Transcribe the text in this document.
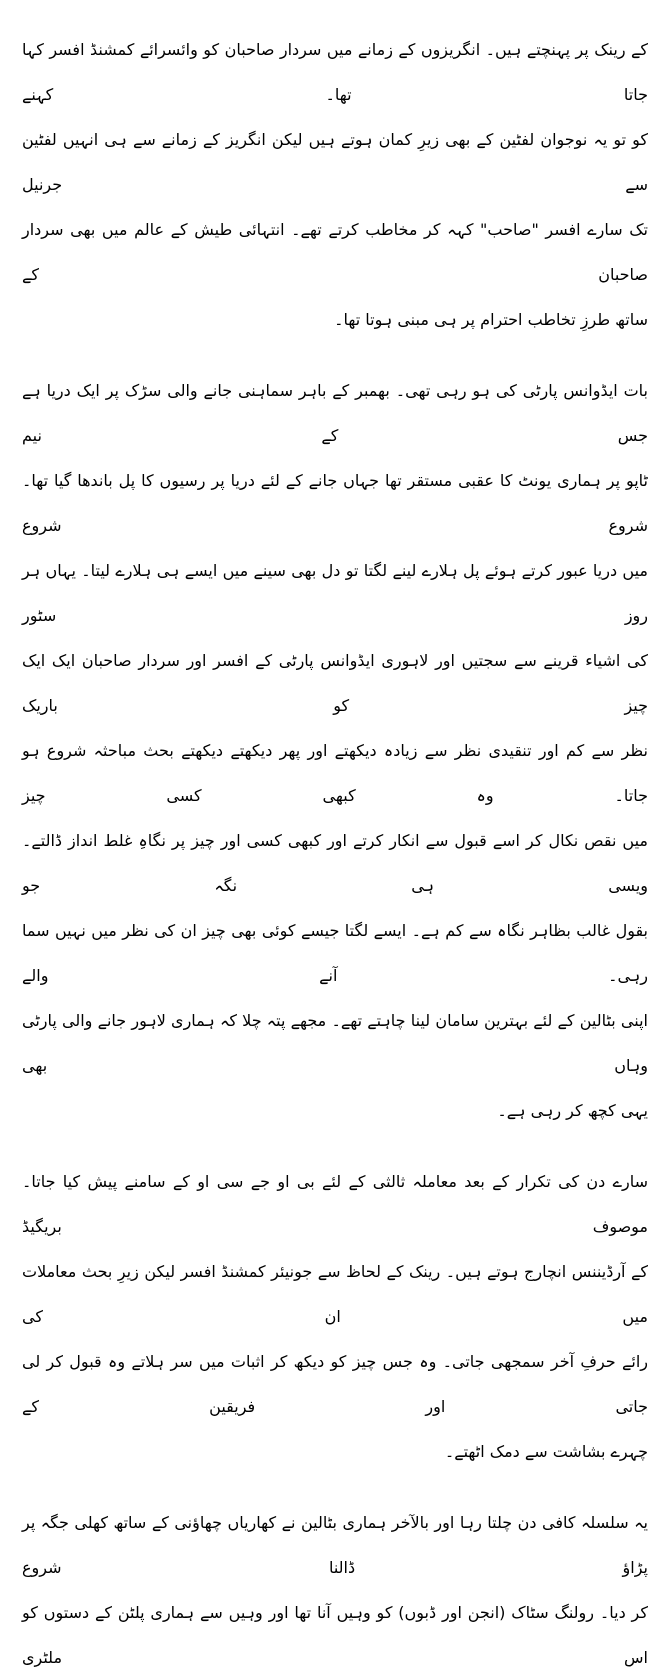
کے رینک پر پہنچتے ہیں۔ انگریزوں کے زمانے میں سردار صاحبان کو وائسرائے کمشنڈ افسر کہا جاتا تھا۔ کہنے
کو تو یہ نوجوان لفٹین کے بھی زیرِ کمان ہوتے ہیں لیکن انگریز کے زمانے سے ہی انہیں لفٹین سے جرنیل
تک سارے افسر "صاحب" کہہ کر مخاطب کرتے تھے۔ انتہائی طیش کے عالم میں بھی سردار صاحبان کے
ساتھ طرزِ تخاطب احترام پر ہی مبنی ہوتا تھا۔
بات ایڈوانس پارٹی کی ہو رہی تھی۔ بھمبر کے باہر سماہنی جانے والی سڑک پر ایک دریا ہے جس کے نیم
ٹاپو پر ہماری یونٹ کا عقبی مستقر تھا جہاں جانے کے لئے دریا پر رسیوں کا پل باندھا گیا تھا۔ شروع شروع
میں دریا عبور کرتے ہوئے پل ہلارے لینے لگتا تو دل بھی سینے میں ایسے ہی ہلارے لیتا۔ یہاں ہر روز سٹور
کی اشیاء قرینے سے سجتیں اور لاہوری ایڈوانس پارٹی کے افسر اور سردار صاحبان ایک ایک چیز کو باریک
نظر سے کم اور تنقیدی نظر سے زیادہ دیکھتے اور پھر دیکھتے دیکھتے بحث مباحثہ شروع ہو جاتا۔ وہ کبھی کسی چیز
میں نقص نکال کر اسے قبول سے انکار کرتے اور کبھی کسی اور چیز پر نگاہِ غلط انداز ڈالتے۔ ویسی ہی نگہ جو
بقول غالب بظاہر نگاہ سے کم ہے۔ ایسے لگتا جیسے کوئی بھی چیز ان کی نظر میں نہیں سما رہی۔ آنے والے
اپنی بٹالین کے لئے بہترین سامان لینا چاہتے تھے۔ مجھے پتہ چلا کہ ہماری لاہور جانے والی پارٹی وہاں بھی
یہی کچھ کر رہی ہے۔
سارے دن کی تکرار کے بعد معاملہ ثالثی کے لئے بی او جے سی او کے سامنے پیش کیا جاتا۔ موصوف بریگیڈ
کے آرڈیننس انچارج ہوتے ہیں۔ رینک کے لحاظ سے جونیئر کمشنڈ افسر لیکن زیرِ بحث معاملات میں ان کی
رائے حرفِ آخر سمجھی جاتی۔ وہ جس چیز کو دیکھ کر اثبات میں سر ہلاتے وہ قبول کر لی جاتی اور فریقین کے
چہرے بشاشت سے دمک اٹھتے۔
یہ سلسلہ کافی دن چلتا رہا اور بالآخر ہماری بٹالین نے کھاریاں چھاؤنی کے ساتھ کھلی جگہ پر پڑاؤ ڈالنا شروع
کر دیا۔ رولنگ سٹاک (انجن اور ڈبوں) کو وہیں آنا تھا اور وہیں سے ہماری پلٹن کے دستوں کو اس ملٹری
